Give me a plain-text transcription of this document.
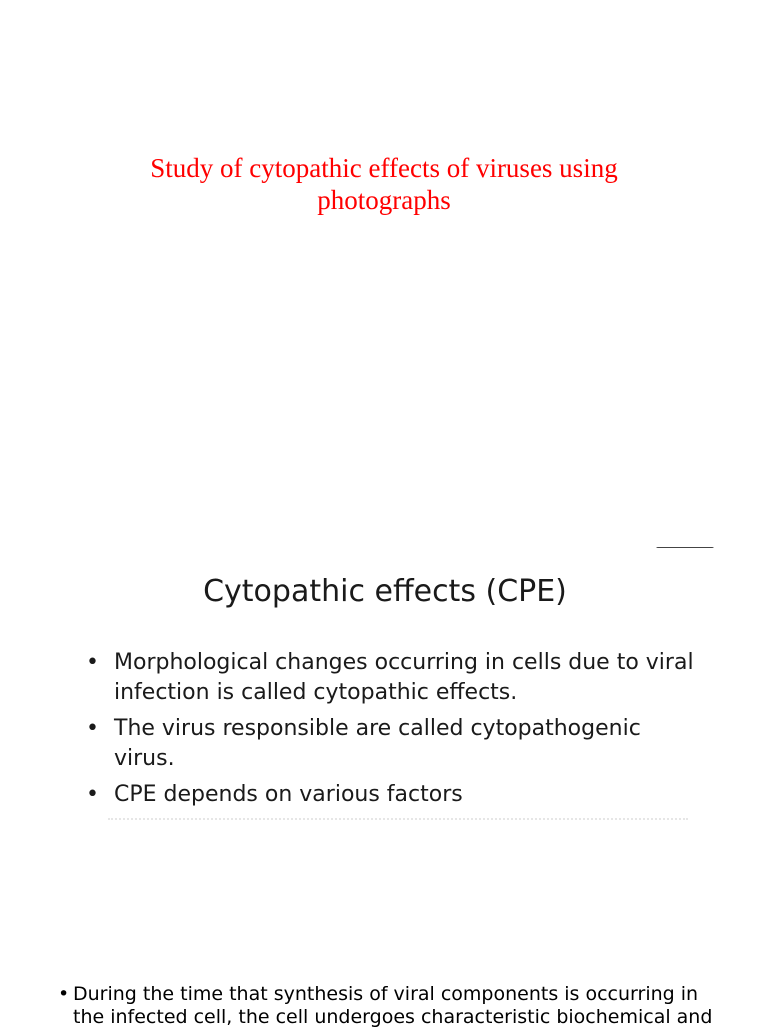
Study of cytopathic effects of viruses using photographs
Cytopathic effects (CPE)
• Morphological changes occurring in cells due to viral infection is called cytopathic effects.
• The virus responsible are called cytopathogenic virus.
• CPE depends on various factors
• During the time that synthesis of viral components is occurring in the infected cell, the cell undergoes characteristic biochemical and
